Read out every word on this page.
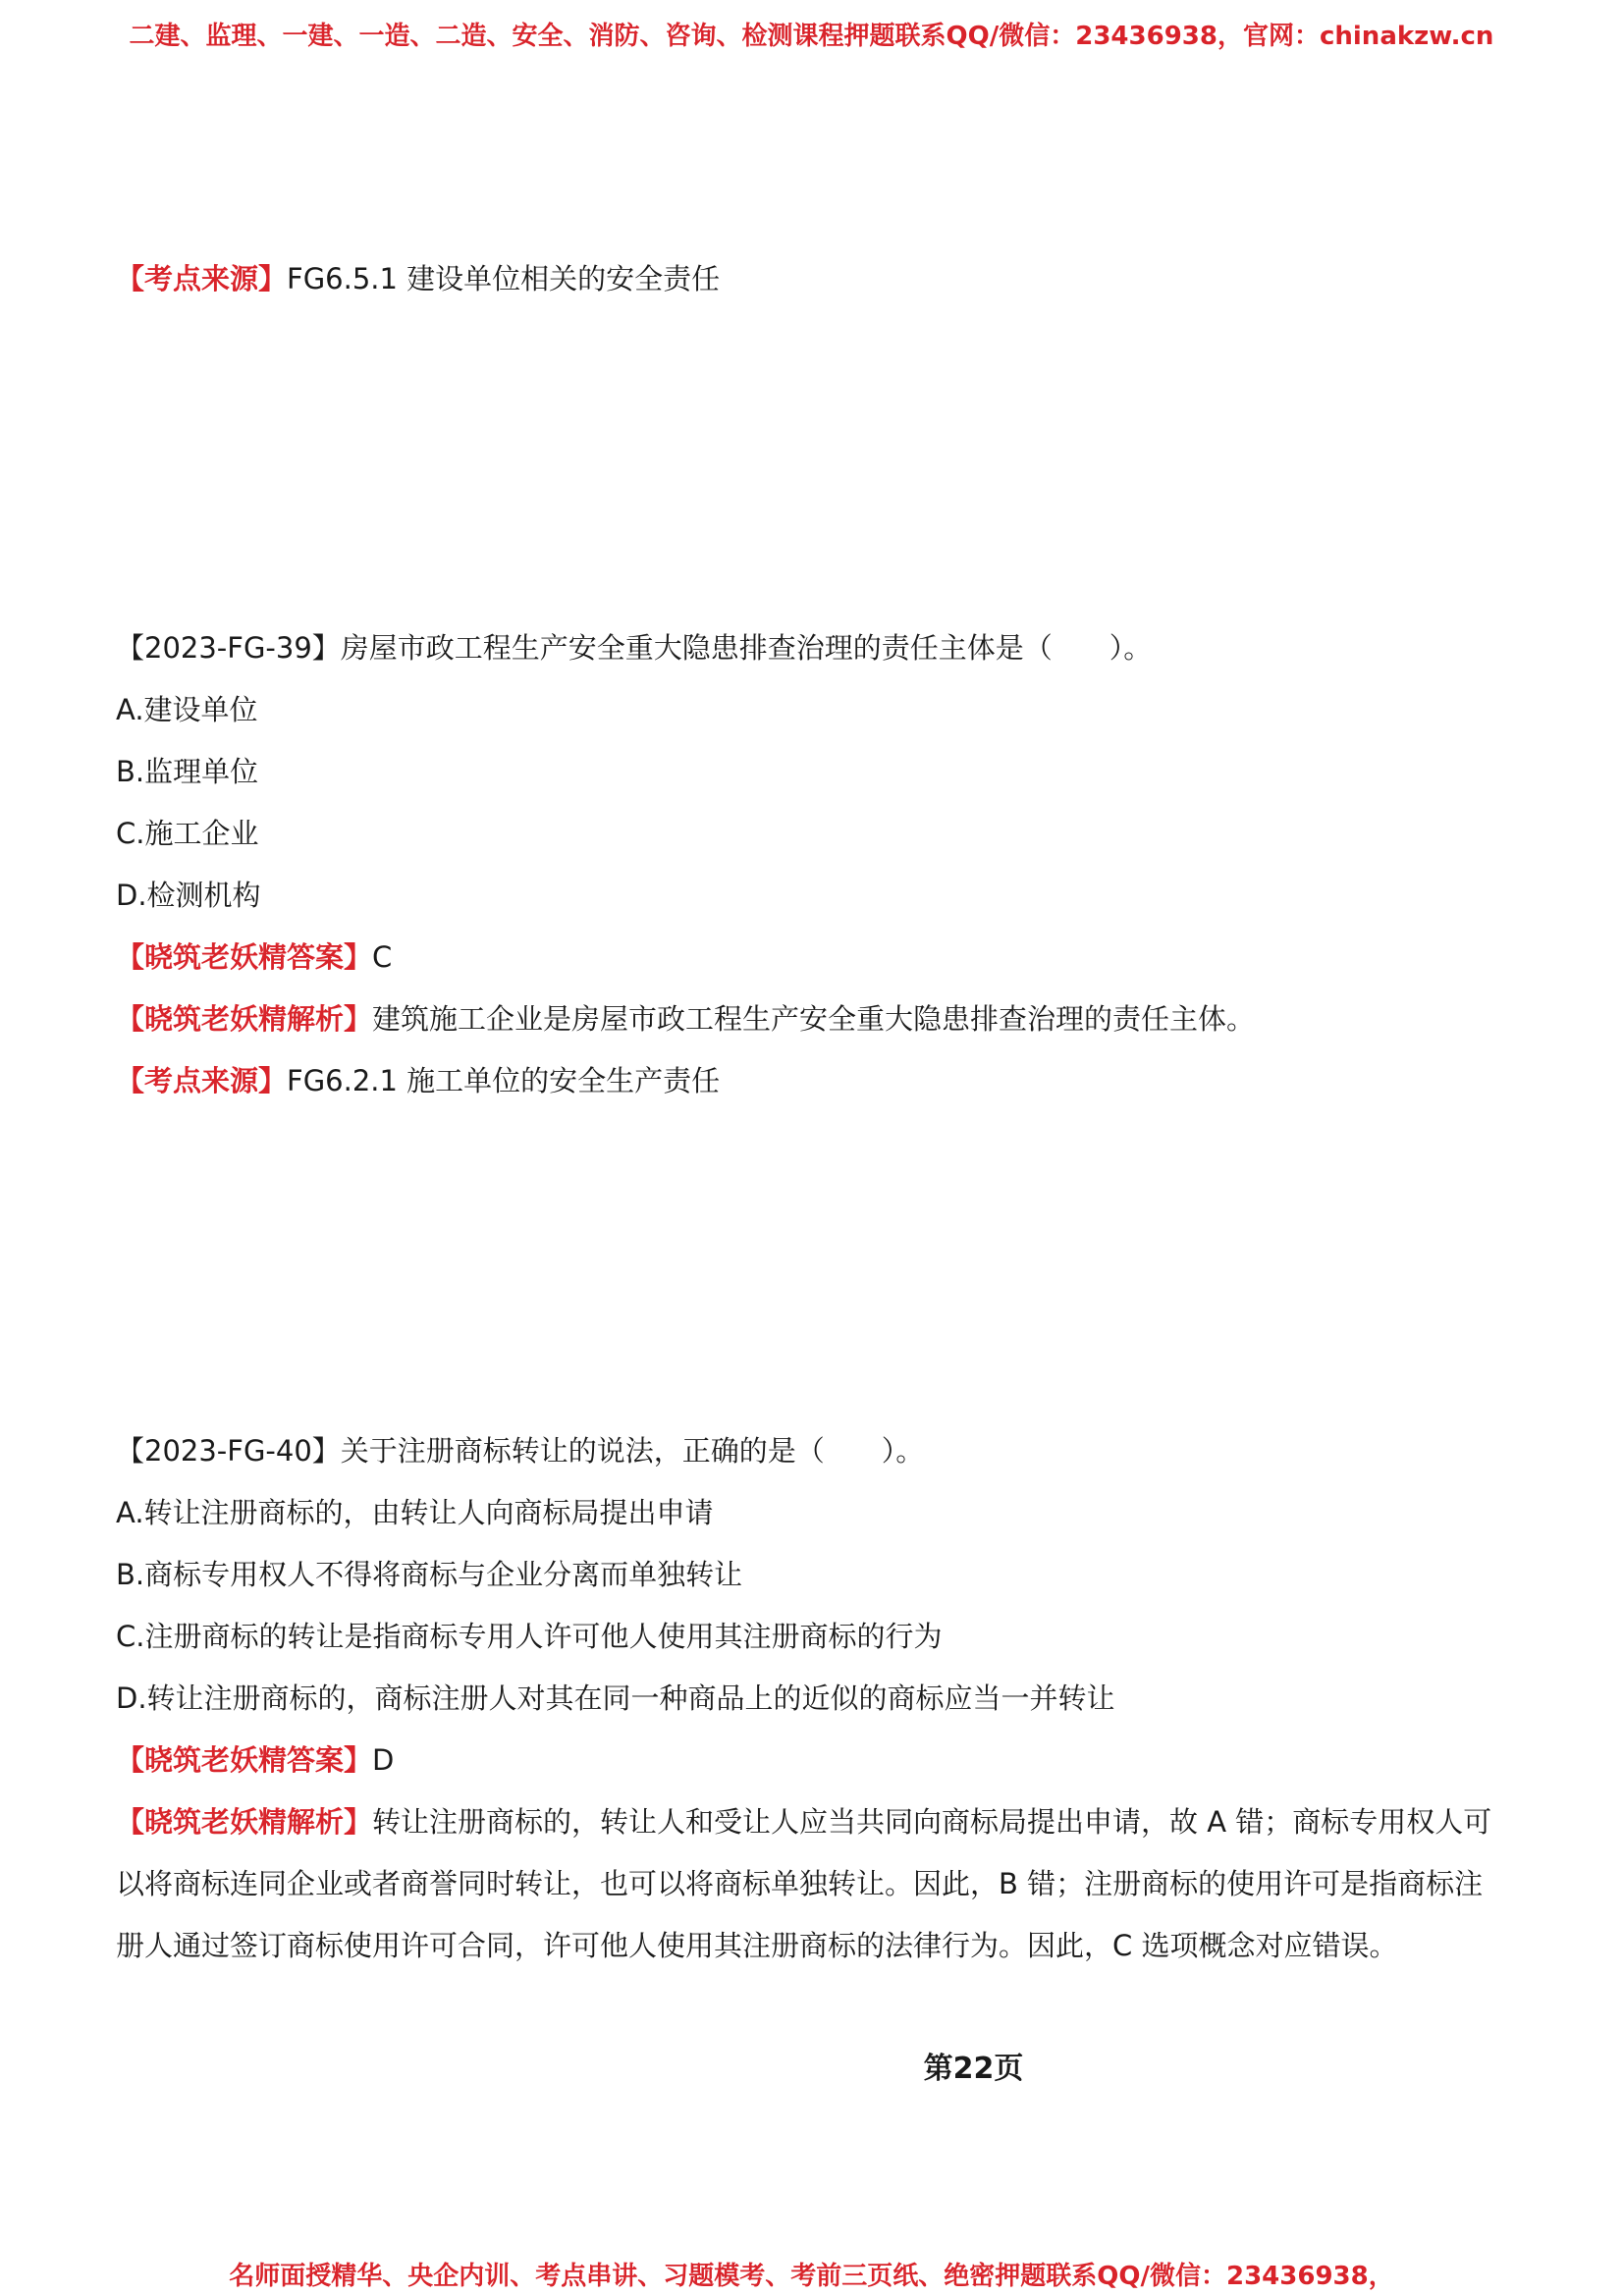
二建、监理、一建、一造、二造、安全、消防、咨询、检测课程押题联系QQ/微信：23436938，官网：chinakzw.cn
【考点来源】FG6.5.1 建设单位相关的安全责任
【2023-FG-39】房屋市政工程生产安全重大隐患排查治理的责任主体是（　　）。
A.建设单位
B.监理单位
C.施工企业
D.检测机构
【晓筑老妖精答案】C
【晓筑老妖精解析】建筑施工企业是房屋市政工程生产安全重大隐患排查治理的责任主体。
【考点来源】FG6.2.1 施工单位的安全生产责任
【2023-FG-40】关于注册商标转让的说法，正确的是（　　）。
A.转让注册商标的，由转让人向商标局提出申请
B.商标专用权人不得将商标与企业分离而单独转让
C.注册商标的转让是指商标专用人许可他人使用其注册商标的行为
D.转让注册商标的，商标注册人对其在同一种商品上的近似的商标应当一并转让
【晓筑老妖精答案】D
【晓筑老妖精解析】转让注册商标的，转让人和受让人应当共同向商标局提出申请，故 A 错；商标专用权人可以将商标连同企业或者商誉同时转让，也可以将商标单独转让。因此，B 错；注册商标的使用许可是指商标注册人通过签订商标使用许可合同，许可他人使用其注册商标的法律行为。因此，C 选项概念对应错误。
第22页
名师面授精华、央企内训、考点串讲、习题模考、考前三页纸、绝密押题联系QQ/微信：23436938，
